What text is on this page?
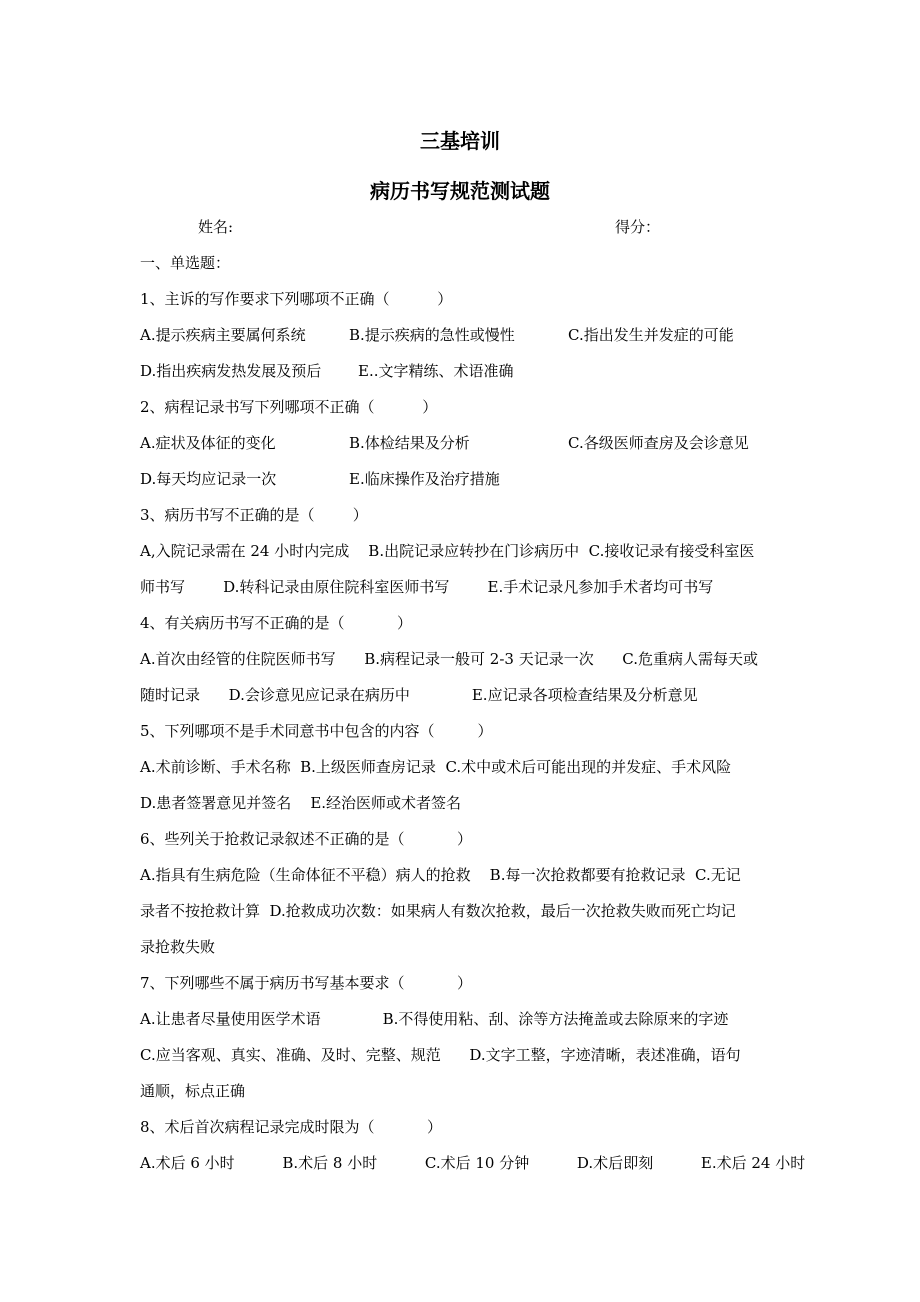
三基培训
病历书写规范测试题
姓名:	得分：
一、单选题：
1、主诉的写作要求下列哪项不正确（          ）
A.提示疾病主要属何系统	B.提示疾病的急性或慢性	C.指出发生并发症的可能
D.指出疾病发热发展及预后 E..文字精练、术语准确
2、病程记录书写下列哪项不正确（          ）
A.症状及体征的变化	B.体检结果及分析	C.各级医师查房及会诊意见
D.每天均应记录一次	E.临床操作及治疗措施
3、病历书写不正确的是（        ）
A,入院记录需在 24 小时内完成    B.出院记录应转抄在门诊病历中  C.接收记录有接受科室医
师书写        D.转科记录由原住院科室医师书写        E.手术记录凡参加手术者均可书写
4、有关病历书写不正确的是（           ）
A.首次由经管的住院医师书写      B.病程记录一般可 2-3 天记录一次      C.危重病人需每天或
随时记录      D.会诊意见应记录在病历中             E.应记录各项检查结果及分析意见
5、下列哪项不是手术同意书中包含的内容（         ）
A.术前诊断、手术名称  B.上级医师查房记录  C.术中或术后可能出现的并发症、手术风险
D.患者签署意见并签名    E.经治医师或术者签名
6、些列关于抢救记录叙述不正确的是（           ）
A.指具有生病危险（生命体征不平稳）病人的抢救    B.每一次抢救都要有抢救记录  C.无记
录者不按抢救计算  D.抢救成功次数：如果病人有数次抢救，最后一次抢救失败而死亡均记
录抢救失败
7、下列哪些不属于病历书写基本要求（           ）
A.让患者尽量使用医学术语             B.不得使用粘、刮、涂等方法掩盖或去除原来的字迹
C.应当客观、真实、准确、及时、完整、规范      D.文字工整，字迹清晰，表述准确，语句
通顺，标点正确
8、术后首次病程记录完成时限为（           ）
A.术后 6 小时          B.术后 8 小时          C.术后 10 分钟          D.术后即刻          E.术后 24 小时
